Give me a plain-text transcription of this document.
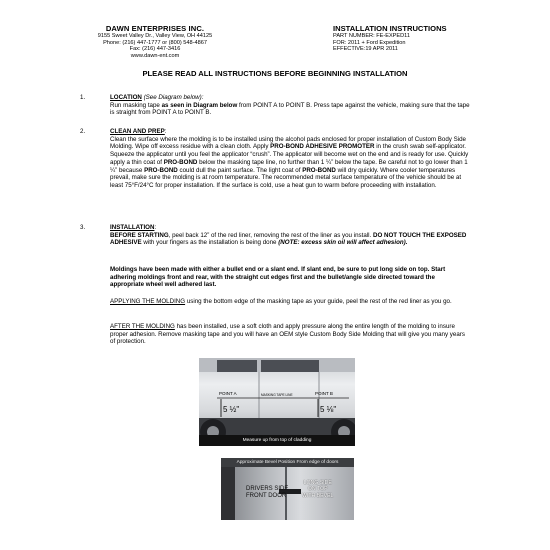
DAWN ENTERPRISES INC.
9155 Sweet Valley Dr., Valley View, OH 44125
Phone: (216) 447-1777 or (800) 548-4867
Fax: (216) 447-3416
www.dawn-ent.com
INSTALLATION INSTRUCTIONS
PART NUMBER: FE-EXPED11
FOR: 2011 + Ford Expedition
EFFECTIVE:19 APR 2011
PLEASE READ ALL INSTRUCTIONS BEFORE BEGINNING INSTALLATION
1.	LOCATION (See Diagram below):
Run masking tape as seen in Diagram below from POINT A to POINT B. Press tape against the vehicle, making sure that the tape is straight from POINT A to POINT B.
2.	CLEAN AND PREP:
Clean the surface where the molding is to be installed using the alcohol pads enclosed for proper installation of Custom Body Side Molding. Wipe off excess residue with a clean cloth. Apply PRO-BOND ADHESIVE PROMOTER in the crush swab self-applicator. Squeeze the applicator until you feel the applicator “crush”. The applicator will become wet on the end and is ready for use. Quickly apply a thin coat of PRO-BOND below the masking tape line, no further than 1 ¼” below the tape. Be careful not to go lower than 1 ¼” because PRO-BOND could dull the paint surface. The light coat of PRO-BOND will dry quickly. Where cooler temperatures prevail, make sure the molding is at room temperature. The recommended metal surface temperature of the vehicle should be at least 75°F/24°C for proper installation. If the surface is cold, use a heat gun to warm before proceeding with installation.
3.	INSTALLATION:
BEFORE STARTING, peel back 12” of the red liner, removing the rest of the liner as you install. DO NOT TOUCH THE EXPOSED ADHESIVE with your fingers as the installation is being done (NOTE: excess skin oil will affect adhesion).
Moldings have been made with either a bullet end or a slant end. If slant end, be sure to put long side on top. Start adhering moldings front and rear, with the straight cut edges first and the bullet/angle side directed toward the appropriate wheel well adhered last.
APPLYING THE MOLDING using the bottom edge of the masking tape as your guide, peel the rest of the red liner as you go.
AFTER THE MOLDING has been installed, use a soft cloth and apply pressure along the entire length of the molding to insure proper adhesion. Remove masking tape and you will have an OEM style Custom Body Side Molding that will give you many years of protection.
POINT A	POINT B
MASKING TAPE LINE
5 ½"	5 ⅛"
Measure up from top of cladding
Approximate Bevel Position From edge of doors
DRIVERS SIDE
FRONT DOOR
LONG SIDE
ON TOP
WITH BEVEL
